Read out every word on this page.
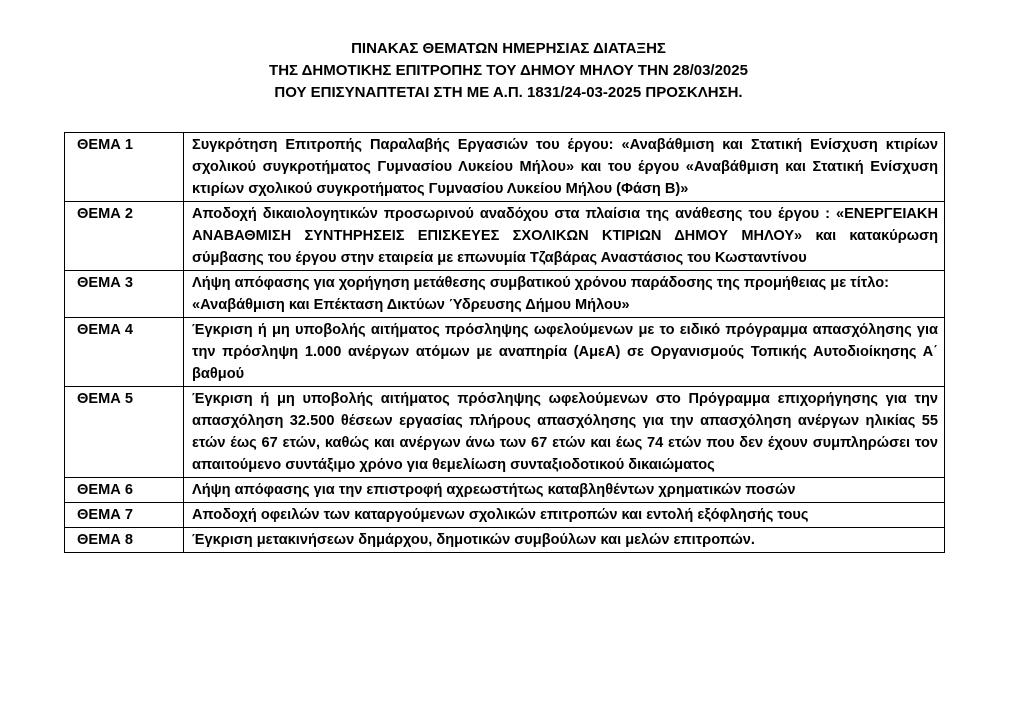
ΠΙΝΑΚΑΣ ΘΕΜΑΤΩΝ ΗΜΕΡΗΣΙΑΣ ΔΙΑΤΑΞΗΣ
ΤΗΣ ΔΗΜΟΤΙΚΗΣ ΕΠΙΤΡΟΠΗΣ ΤΟΥ ΔΗΜΟΥ ΜΗΛΟΥ ΤΗΝ 28/03/2025
ΠΟΥ ΕΠΙΣΥΝΑΠΤΕΤΑΙ ΣΤΗ ΜΕ Α.Π. 1831/24-03-2025 ΠΡΟΣΚΛΗΣΗ.
ΘΕΜΑ 1	Συγκρότηση Επιτροπής Παραλαβής Εργασιών του έργου: «Αναβάθμιση και Στατική Ενίσχυση κτιρίων σχολικού συγκροτήματος Γυμνασίου Λυκείου Μήλου» και του έργου «Αναβάθμιση και Στατική Ενίσχυση κτιρίων σχολικού συγκροτήματος Γυμνασίου Λυκείου Μήλου (Φάση Β)»
ΘΕΜΑ 2	Αποδοχή δικαιολογητικών προσωρινού αναδόχου στα πλαίσια της ανάθεσης του έργου : «ΕΝΕΡΓΕΙΑΚΗ ΑΝΑΒΑΘΜΙΣΗ ΣΥΝΤΗΡΗΣΕΙΣ ΕΠΙΣΚΕΥΕΣ ΣΧΟΛΙΚΩΝ ΚΤΙΡΙΩΝ ΔΗΜΟΥ ΜΗΛΟΥ» και κατακύρωση σύμβασης του έργου στην εταιρεία με επωνυμία Τζαβάρας Αναστάσιος του Κωσταντίνου
ΘΕΜΑ 3	Λήψη απόφασης για χορήγηση μετάθεσης συμβατικού χρόνου παράδοσης της προμήθειας με τίτλο: «Αναβάθμιση και Επέκταση Δικτύων Ύδρευσης Δήμου Μήλου»
ΘΕΜΑ 4	Έγκριση ή μη υποβολής αιτήματος πρόσληψης ωφελούμενων με το ειδικό πρόγραμμα απασχόλησης για την πρόσληψη 1.000 ανέργων ατόμων με αναπηρία (ΑμεΑ) σε Οργανισμούς Τοπικής Αυτοδιοίκησης Α΄ βαθμού
ΘΕΜΑ 5	Έγκριση ή μη υποβολής αιτήματος πρόσληψης ωφελούμενων στο Πρόγραμμα επιχορήγησης για την απασχόληση 32.500 θέσεων εργασίας πλήρους απασχόλησης για την απασχόληση ανέργων ηλικίας 55 ετών έως 67 ετών, καθώς και ανέργων άνω των 67 ετών και έως 74 ετών που δεν έχουν συμπληρώσει τον απαιτούμενο συντάξιμο χρόνο για θεμελίωση συνταξιοδοτικού δικαιώματος
ΘΕΜΑ 6	Λήψη απόφασης για την επιστροφή αχρεωστήτως καταβληθέντων χρηματικών ποσών
ΘΕΜΑ 7	Αποδοχή οφειλών των καταργούμενων σχολικών επιτροπών και εντολή εξόφλησής τους
ΘΕΜΑ 8	Έγκριση μετακινήσεων δημάρχου, δημοτικών συμβούλων και μελών επιτροπών.
